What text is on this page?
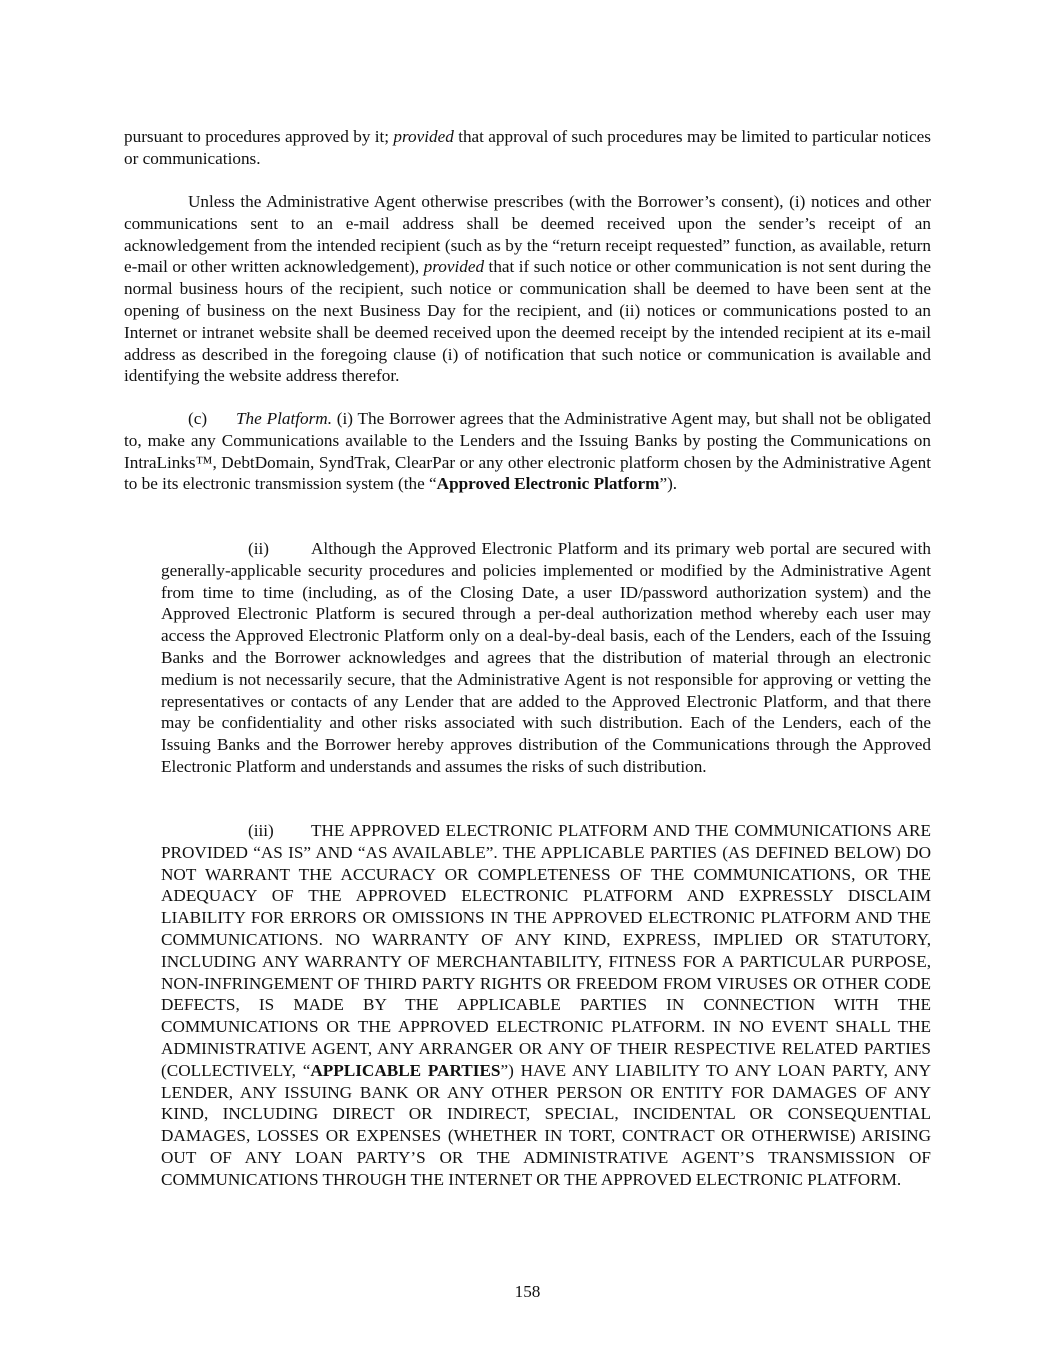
pursuant to procedures approved by it; provided that approval of such procedures may be limited to particular notices or communications.

Unless the Administrative Agent otherwise prescribes (with the Borrower’s consent), (i) notices and other communications sent to an e-mail address shall be deemed received upon the sender’s receipt of an acknowledgement from the intended recipient (such as by the “return receipt requested” function, as available, return e-mail or other written acknowledgement), provided that if such notice or other communication is not sent during the normal business hours of the recipient, such notice or communication shall be deemed to have been sent at the opening of business on the next Business Day for the recipient, and (ii) notices or communications posted to an Internet or intranet website shall be deemed received upon the deemed receipt by the intended recipient at its e-mail address as described in the foregoing clause (i) of notification that such notice or communication is available and identifying the website address therefor.

(c) The Platform. (i) The Borrower agrees that the Administrative Agent may, but shall not be obligated to, make any Communications available to the Lenders and the Issuing Banks by posting the Communications on IntraLinks™, DebtDomain, SyndTrak, ClearPar or any other electronic platform chosen by the Administrative Agent to be its electronic transmission system (the “Approved Electronic Platform”).

(ii) Although the Approved Electronic Platform and its primary web portal are secured with generally-applicable security procedures and policies implemented or modified by the Administrative Agent from time to time (including, as of the Closing Date, a user ID/password authorization system) and the Approved Electronic Platform is secured through a per-deal authorization method whereby each user may access the Approved Electronic Platform only on a deal-by-deal basis, each of the Lenders, each of the Issuing Banks and the Borrower acknowledges and agrees that the distribution of material through an electronic medium is not necessarily secure, that the Administrative Agent is not responsible for approving or vetting the representatives or contacts of any Lender that are added to the Approved Electronic Platform, and that there may be confidentiality and other risks associated with such distribution. Each of the Lenders, each of the Issuing Banks and the Borrower hereby approves distribution of the Communications through the Approved Electronic Platform and understands and assumes the risks of such distribution.

(iii) THE APPROVED ELECTRONIC PLATFORM AND THE COMMUNICATIONS ARE PROVIDED “AS IS” AND “AS AVAILABLE”. THE APPLICABLE PARTIES (AS DEFINED BELOW) DO NOT WARRANT THE ACCURACY OR COMPLETENESS OF THE COMMUNICATIONS, OR THE ADEQUACY OF THE APPROVED ELECTRONIC PLATFORM AND EXPRESSLY DISCLAIM LIABILITY FOR ERRORS OR OMISSIONS IN THE APPROVED ELECTRONIC PLATFORM AND THE COMMUNICATIONS. NO WARRANTY OF ANY KIND, EXPRESS, IMPLIED OR STATUTORY, INCLUDING ANY WARRANTY OF MERCHANTABILITY, FITNESS FOR A PARTICULAR PURPOSE, NON-INFRINGEMENT OF THIRD PARTY RIGHTS OR FREEDOM FROM VIRUSES OR OTHER CODE DEFECTS, IS MADE BY THE APPLICABLE PARTIES IN CONNECTION WITH THE COMMUNICATIONS OR THE APPROVED ELECTRONIC PLATFORM. IN NO EVENT SHALL THE ADMINISTRATIVE AGENT, ANY ARRANGER OR ANY OF THEIR RESPECTIVE RELATED PARTIES (COLLECTIVELY, “APPLICABLE PARTIES”) HAVE ANY LIABILITY TO ANY LOAN PARTY, ANY LENDER, ANY ISSUING BANK OR ANY OTHER PERSON OR ENTITY FOR DAMAGES OF ANY KIND, INCLUDING DIRECT OR INDIRECT, SPECIAL, INCIDENTAL OR CONSEQUENTIAL DAMAGES, LOSSES OR EXPENSES (WHETHER IN TORT, CONTRACT OR OTHERWISE) ARISING OUT OF ANY LOAN PARTY’S OR THE ADMINISTRATIVE AGENT’S TRANSMISSION OF COMMUNICATIONS THROUGH THE INTERNET OR THE APPROVED ELECTRONIC PLATFORM.

158
